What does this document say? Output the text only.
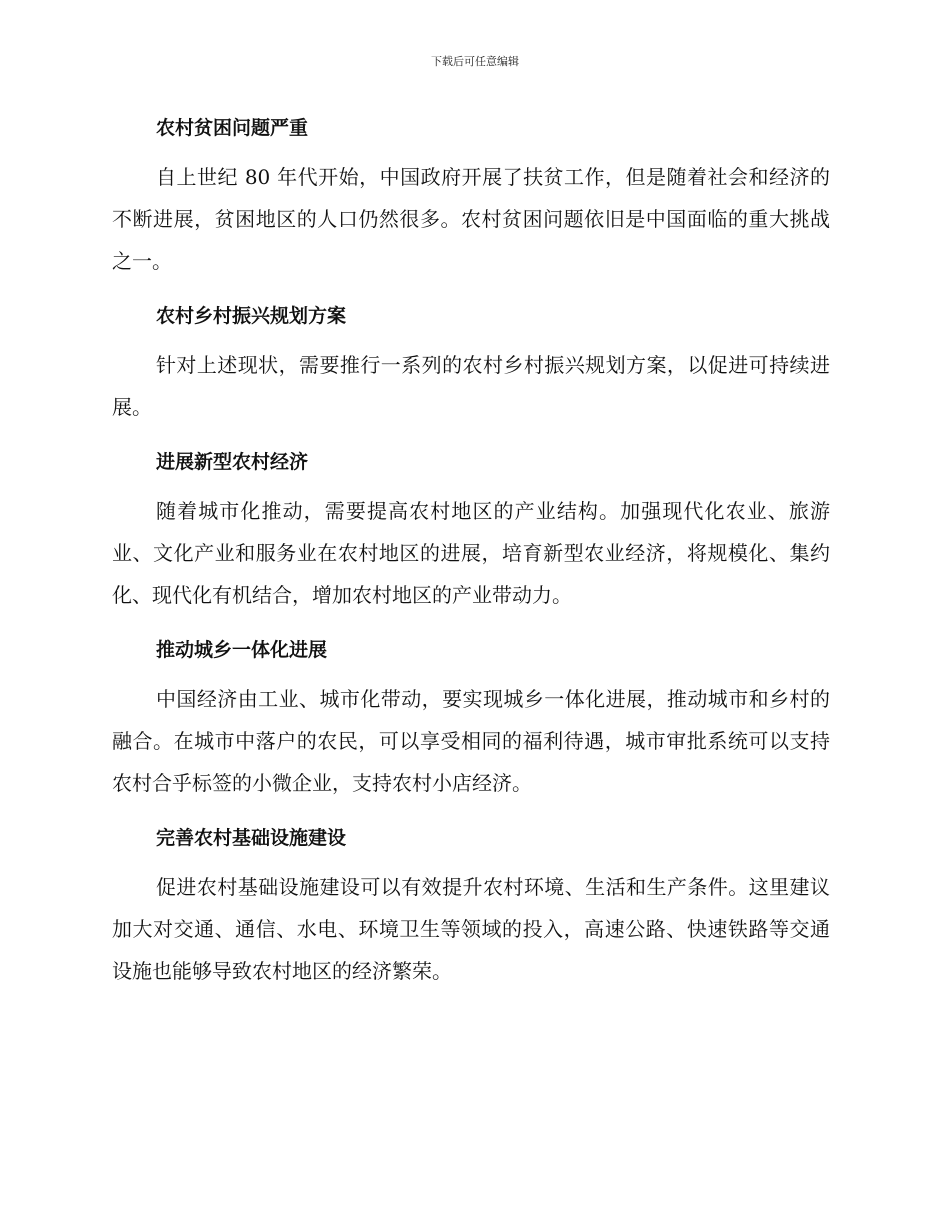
下载后可任意编辑
农村贫困问题严重

自上世纪 80 年代开始，中国政府开展了扶贫工作，但是随着社会和经济的不断进展，贫困地区的人口仍然很多。农村贫困问题依旧是中国面临的重大挑战之一。

农村乡村振兴规划方案

针对上述现状，需要推行一系列的农村乡村振兴规划方案，以促进可持续进展。

进展新型农村经济

随着城市化推动，需要提高农村地区的产业结构。加强现代化农业、旅游业、文化产业和服务业在农村地区的进展，培育新型农业经济，将规模化、集约化、现代化有机结合，增加农村地区的产业带动力。

推动城乡一体化进展

中国经济由工业、城市化带动，要实现城乡一体化进展，推动城市和乡村的融合。在城市中落户的农民，可以享受相同的福利待遇，城市审批系统可以支持农村合乎标签的小微企业，支持农村小店经济。

完善农村基础设施建设

促进农村基础设施建设可以有效提升农村环境、生活和生产条件。这里建议加大对交通、通信、水电、环境卫生等领域的投入，高速公路、快速铁路等交通设施也能够导致农村地区的经济繁荣。
